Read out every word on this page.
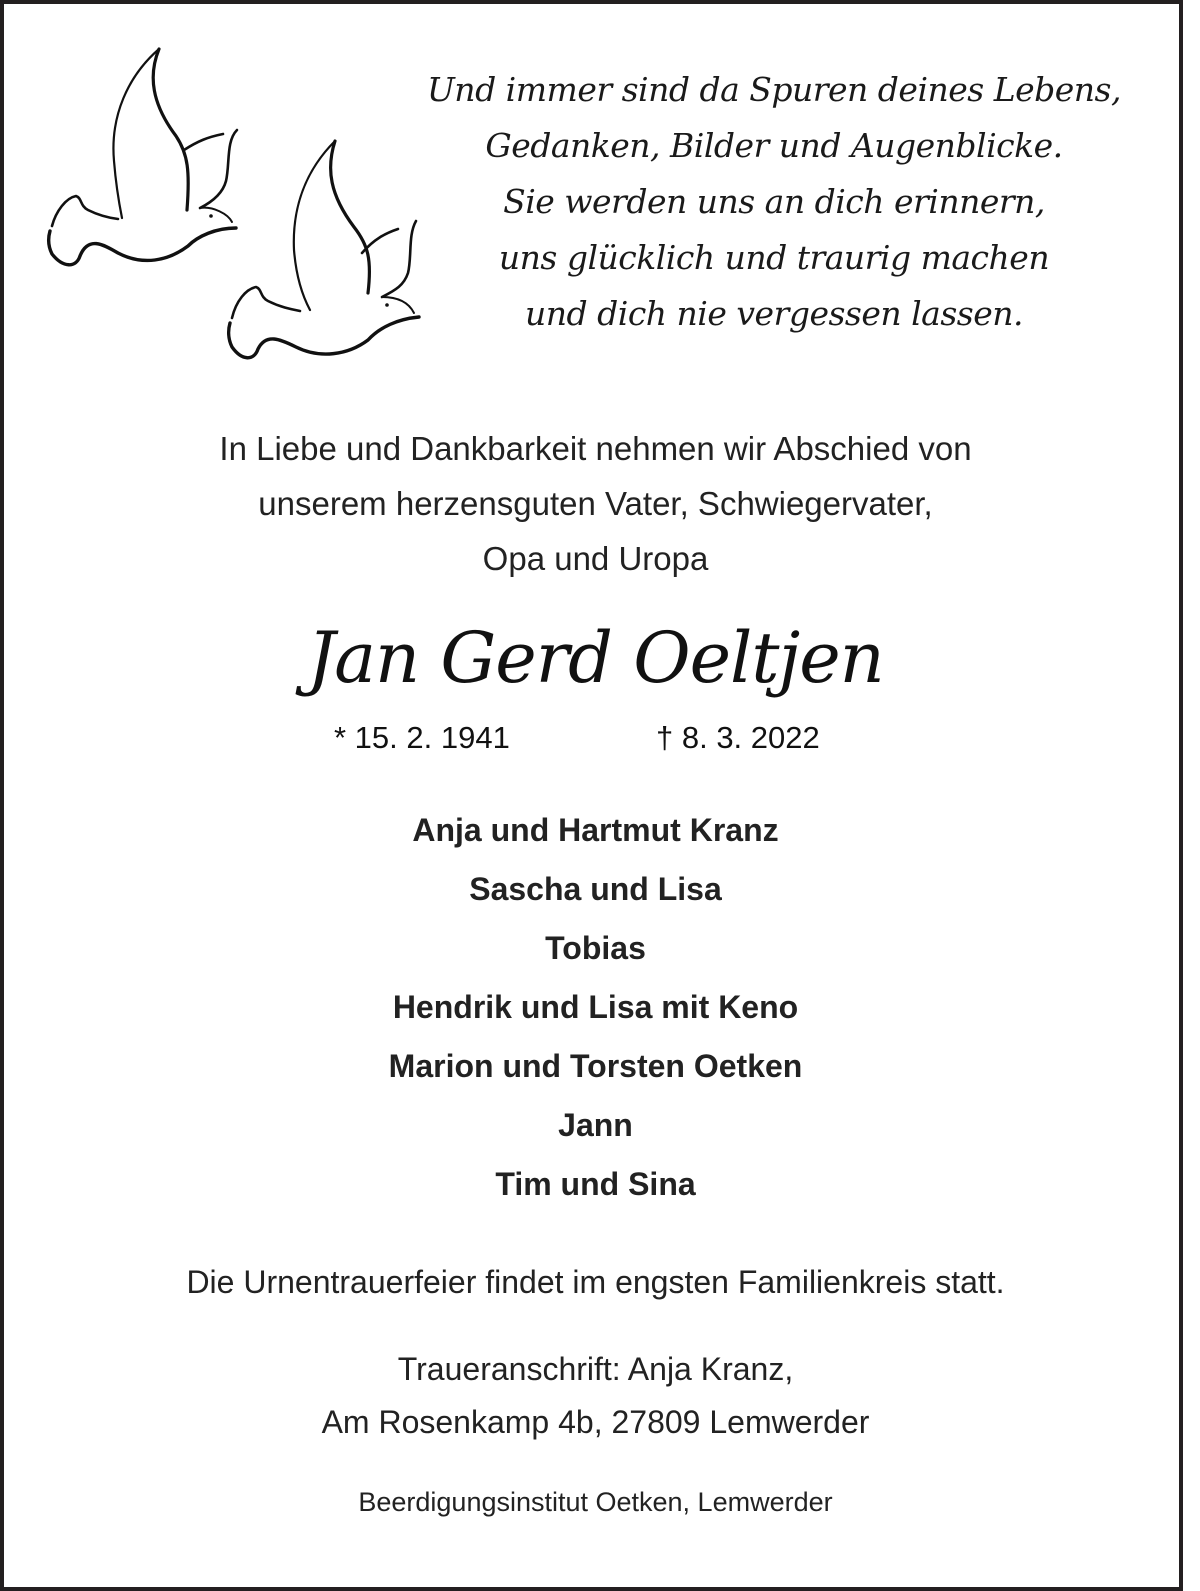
Und immer sind da Spuren deines Lebens,
Gedanken, Bilder und Augenblicke.
Sie werden uns an dich erinnern,
uns glücklich und traurig machen
und dich nie vergessen lassen.
In Liebe und Dankbarkeit nehmen wir Abschied von
unserem herzensguten Vater, Schwiegervater,
Opa und Uropa
Jan Gerd Oeltjen
* 15. 2. 1941	† 8. 3. 2022
Anja und Hartmut Kranz
Sascha und Lisa
Tobias
Hendrik und Lisa mit Keno
Marion und Torsten Oetken
Jann
Tim und Sina
Die Urnentrauerfeier findet im engsten Familienkreis statt.
Traueranschrift: Anja Kranz,
Am Rosenkamp 4b, 27809 Lemwerder
Beerdigungsinstitut Oetken, Lemwerder
